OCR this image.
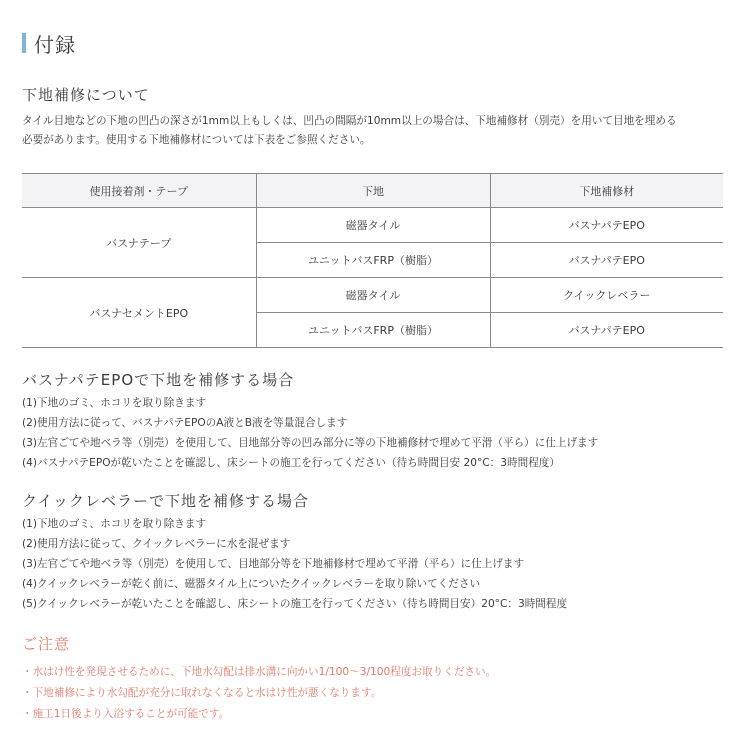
付録
下地補修について
タイル目地などの下地の凹凸の深さが1mm以上もしくは、凹凸の間隔が10mm以上の場合は、下地補修材（別売）を用いて目地を埋める
必要があります。使用する下地補修材については下表をご参照ください。
使用接着剤・テープ	下地	下地補修材
バスナテープ	磁器タイル	バスナパテEPO
	ユニットバスFRP（樹脂）	バスナパテEPO
バスナセメントEPO	磁器タイル	クイックレベラー
	ユニットバスFRP（樹脂）	バスナパテEPO
バスナパテEPOで下地を補修する場合
(1)下地のゴミ、ホコリを取り除きます
(2)使用方法に従って、バスナパテEPOのA液とB液を等量混合します
(3)左官ごてや地ベラ等（別売）を使用して、目地部分等の凹み部分に等の下地補修材で埋めて平滑（平ら）に仕上げます
(4)バスナパテEPOが乾いたことを確認し、床シートの施工を行ってください（待ち時間目安 20°C：3時間程度）
クイックレベラーで下地を補修する場合
(1)下地のゴミ、ホコリを取り除きます
(2)使用方法に従って、クイックレベラーに水を混ぜます
(3)左官ごてや地ベラ等（別売）を使用して、目地部分等を下地補修材で埋めて平滑（平ら）に仕上げます
(4)クイックレベラーが乾く前に、磁器タイル上についたクイックレベラーを取り除いてください
(5)クイックレベラーが乾いたことを確認し、床シートの施工を行ってください（待ち時間目安）20°C：3時間程度
ご注意
・水はけ性を発現させるために、下地水勾配は排水溝に向かい1/100〜3/100程度お取りください。
・下地補修により水勾配が充分に取れなくなると水はけ性が悪くなります。
・施工1日後より入浴することが可能です。
